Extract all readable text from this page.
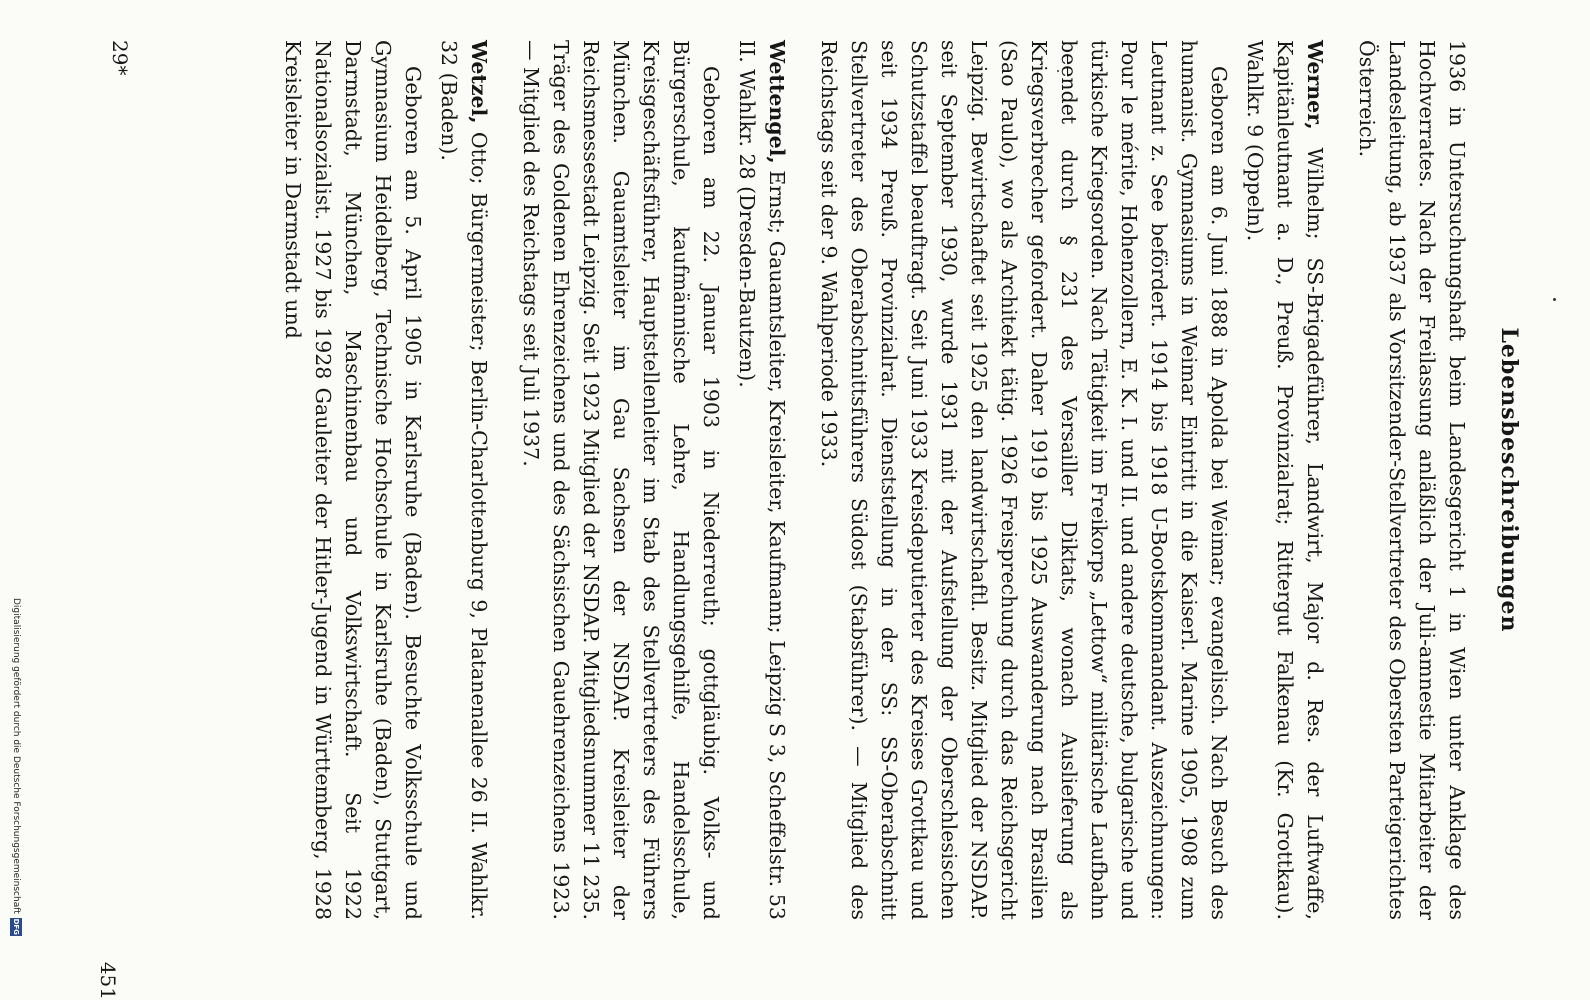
Lebensbeschreibungen
451

1936 in Untersuchungshaft beim Landesgericht 1 in Wien unter Anklage des Hochverrates. Nach der Freilassung anläßlich der Juli-amnestie Mitarbeiter der Landesleitung, ab 1937 als Vorsitzender-Stellvertreter des Obersten Parteigerichtes Österreich.

Werner, Wilhelm; SS-Brigadeführer, Landwirt, Major d. Res. der Luftwaffe, Kapitänleutnant a. D., Preuß. Provinzialrat; Rittergut Falkenau (Kr. Grottkau). Wahlkr. 9 (Oppeln).

Geboren am 6. Juni 1888 in Apolda bei Weimar; evangelisch. Nach Besuch des humanist. Gymnasiums in Weimar Eintritt in die Kaiserl. Marine 1905, 1908 zum Leutnant z. See befördert. 1914 bis 1918 U-Bootskommandant. Auszeichnungen: Pour le mérite, Hohenzollern, E. K. I. und II. und andere deutsche, bulgarische und türkische Kriegsorden. Nach Tätigkeit im Freikorps „Lettow“ militärische Laufbahn beendet durch § 231 des Versailler Diktats, wonach Auslieferung als Kriegsverbrecher gefordert. Daher 1919 bis 1925 Auswanderung nach Brasilien (Sao Paulo), wo als Architekt tätig. 1926 Freisprechung durch das Reichsgericht Leipzig. Bewirtschaftet seit 1925 den landwirtschaftl. Besitz. Mitglied der NSDAP. seit September 1930, wurde 1931 mit der Aufstellung der Oberschlesischen Schutzstaffel beauftragt. Seit Juni 1933 Kreisdeputierter des Kreises Grottkau und seit 1934 Preuß. Provinzialrat. Dienststellung in der SS: SS-Oberabschnitt Stellvertreter des Oberabschnittsführers Südost (Stabsführer). — Mitglied des Reichstags seit der 9. Wahlperiode 1933.

Wettengel, Ernst; Gauamtsleiter, Kreisleiter, Kaufmann; Leipzig S 3, Scheffelstr. 53 II. Wahlkr. 28 (Dresden-Bautzen).

Geboren am 22. Januar 1903 in Niederreuth; gottgläubig. Volks- und Bürgerschule, kaufmännische Lehre, Handlungsgehilfe, Handelsschule, Kreisgeschäftsführer, Hauptstellenleiter im Stab des Stellvertreters des Führers München. Gauamtsleiter im Gau Sachsen der NSDAP. Kreisleiter der Reichsmessestadt Leipzig. Seit 1923 Mitglied der NSDAP. Mitgliedsnummer 11 235. Träger des Goldenen Ehrenzeichens und des Sächsischen Gauehrenzeichens 1923. — Mitglied des Reichstags seit Juli 1937.

Wetzel, Otto; Bürgermeister; Berlin-Charlottenburg 9, Platanenallee 26 II. Wahlkr. 32 (Baden).

Geboren am 5. April 1905 in Karlsruhe (Baden). Besuchte Volksschule und Gymnasium Heidelberg, Technische Hochschule in Karlsruhe (Baden), Stuttgart, Darmstadt, München, Maschinenbau und Volkswirtschaft. Seit 1922 Nationalsozialist. 1927 bis 1928 Gauleiter der Hitler-Jugend in Württemberg, 1928 Kreisleiter in Darmstadt und

29*
Digitalisierung gefördert durch die Deutsche Forschungsgemeinschaft
DFG
